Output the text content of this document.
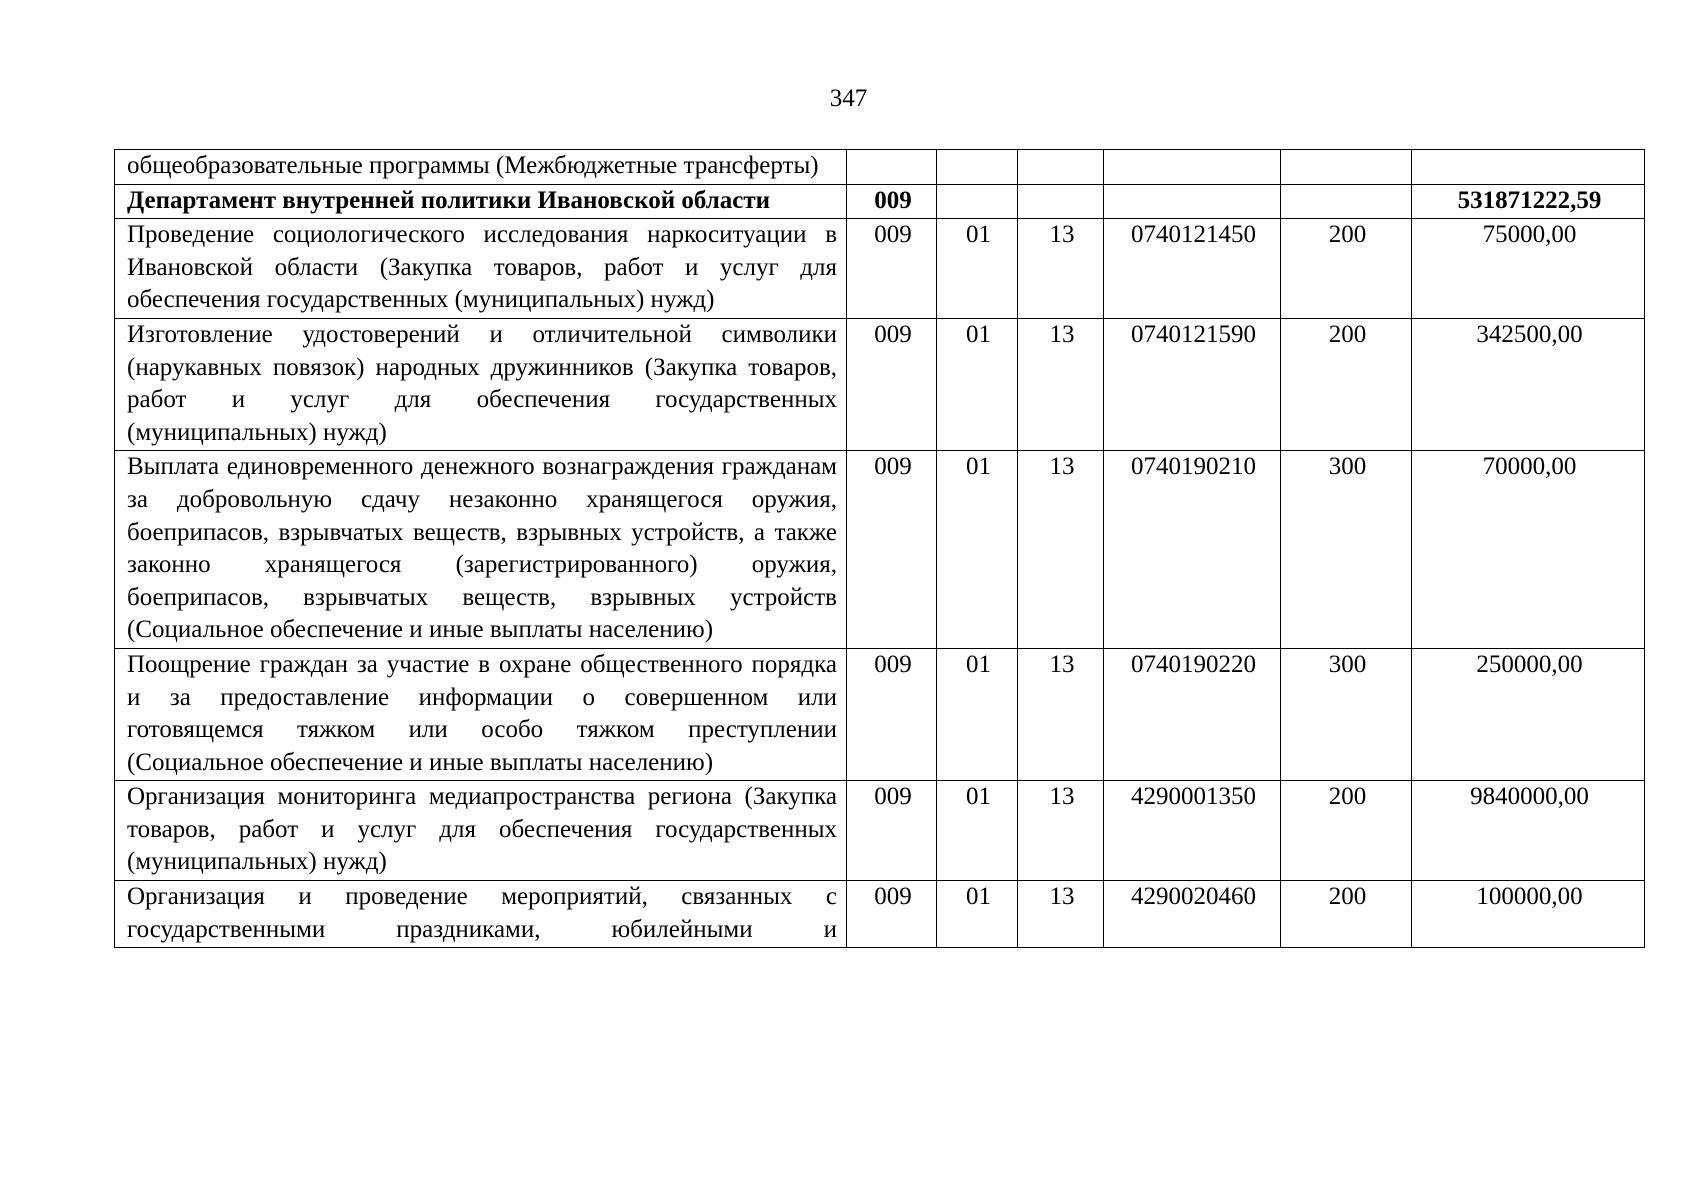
347
общеобразовательные программы (Межбюджетные трансферты)						
Департамент внутренней политики Ивановской области	009					531871222,59
Проведение социологического исследования наркоситуации в Ивановской области (Закупка товаров, работ и услуг для обеспечения государственных (муниципальных) нужд)	009	01	13	0740121450	200	75000,00
Изготовление удостоверений и отличительной символики (нарукавных повязок) народных дружинников (Закупка товаров, работ и услуг для обеспечения государственных (муниципальных) нужд)	009	01	13	0740121590	200	342500,00
Выплата единовременного денежного вознаграждения гражданам за добровольную сдачу незаконно хранящегося оружия, боеприпасов, взрывчатых веществ, взрывных устройств, а также законно хранящегося (зарегистрированного) оружия, боеприпасов, взрывчатых веществ, взрывных устройств (Социальное обеспечение и иные выплаты населению)	009	01	13	0740190210	300	70000,00
Поощрение граждан за участие в охране общественного порядка и за предоставление информации о совершенном или готовящемся тяжком или особо тяжком преступлении (Социальное обеспечение и иные выплаты населению)	009	01	13	0740190220	300	250000,00
Организация мониторинга медиапространства региона (Закупка товаров, работ и услуг для обеспечения государственных (муниципальных) нужд)	009	01	13	4290001350	200	9840000,00

Организация и проведение мероприятий, связанных с государственными праздниками, юбилейными и	009	01	13	4290020460	200	100000,00
